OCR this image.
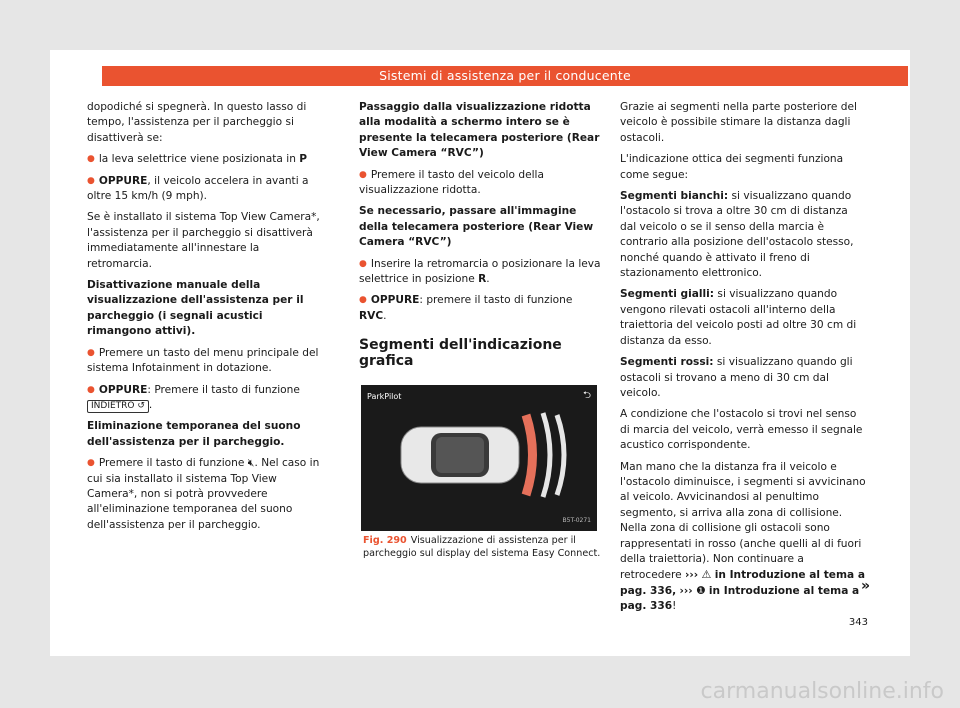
Sistemi di assistenza per il conducente

dopodiché si spegnerà. In questo lasso di tempo, l'assistenza per il parcheggio si disattiverà se:

● la leva selettrice viene posizionata in P

● OPPURE, il veicolo accelera in avanti a oltre 15 km/h (9 mph).

Se è installato il sistema Top View Camera*, l'assistenza per il parcheggio si disattiverà immediatamente all'innestare la retromarcia.

Disattivazione manuale della visualizzazione dell'assistenza per il parcheggio (i segnali acustici rimangono attivi).

● Premere un tasto del menu principale del sistema Infotainment in dotazione.

● OPPURE: Premere il tasto di funzione
INDIETRO ↺ .

Eliminazione temporanea del suono dell'assistenza per il parcheggio.

● Premere il tasto di funzione 🔇︎. Nel caso in cui sia installato il sistema Top View Camera*, non si potrà provvedere all'eliminazione temporanea del suono dell'assistenza per il parcheggio.

Passaggio dalla visualizzazione ridotta alla modalità a schermo intero se è presente la telecamera posteriore (Rear View Camera “RVC”)

● Premere il tasto del veicolo della visualizzazione ridotta.

Se necessario, passare all'immagine della telecamera posteriore (Rear View Camera “RVC”)

● Inserire la retromarcia o posizionare la leva selettrice in posizione R.

● OPPURE: premere il tasto di funzione RVC.

Segmenti dell'indicazione grafica
ParkPilot	⮌
B5T-0271
Fig. 290 Visualizzazione di assistenza per il parcheggio sul display del sistema Easy Connect.

Grazie ai segmenti nella parte posteriore del veicolo è possibile stimare la distanza dagli ostacoli.

L'indicazione ottica dei segmenti funziona come segue:

Segmenti bianchi: si visualizzano quando l'ostacolo si trova a oltre 30 cm di distanza dal veicolo o se il senso della marcia è contrario alla posizione dell'ostacolo stesso, nonché quando è attivato il freno di stazionamento elettronico.

Segmenti gialli: si visualizzano quando vengono rilevati ostacoli all'interno della traiettoria del veicolo posti ad oltre 30 cm di distanza da esso.

Segmenti rossi: si visualizzano quando gli ostacoli si trovano a meno di 30 cm dal veicolo.

A condizione che l'ostacolo si trovi nel senso di marcia del veicolo, verrà emesso il segnale acustico corrispondente.

Man mano che la distanza fra il veicolo e l'ostacolo diminuisce, i segmenti si avvicinano al veicolo. Avvicinandosi al penultimo segmento, si arriva alla zona di collisione. Nella zona di collisione gli ostacoli sono rappresentati in rosso (anche quelli al di fuori della traiettoria). Non continuare a retrocedere ››› ⚠ in Introduzione al tema a pag. 336, ››› ❶ in Introduzione al tema a pag. 336!

»
343
carmanualsonline.info
